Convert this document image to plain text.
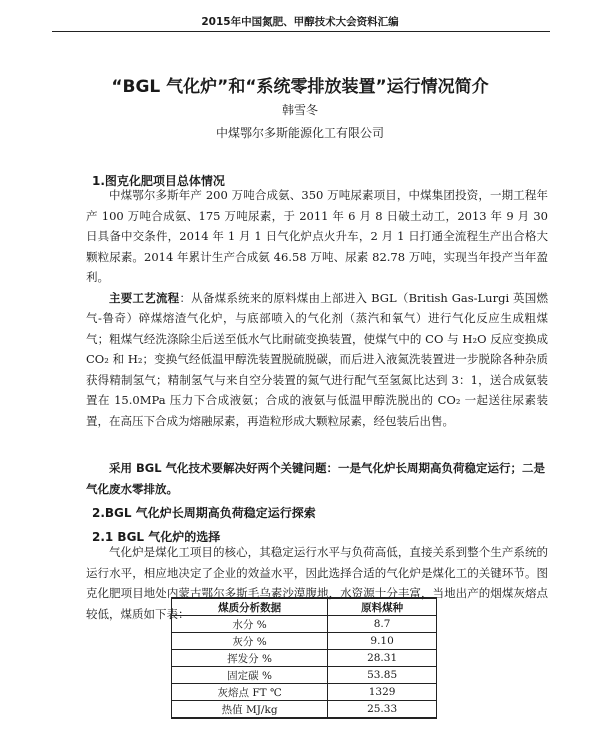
2015年中国氮肥、甲醇技术大会资料汇编
“BGL 气化炉”和“系统零排放装置”运行情况简介
韩雪冬
中煤鄂尔多斯能源化工有限公司
1.图克化肥项目总体情况

中煤鄂尔多斯年产 200 万吨合成氨、350 万吨尿素项目，中煤集团投资，一期工程年产 100 万吨合成氨、175 万吨尿素，于 2011 年 6 月 8 日破土动工，2013 年 9 月 30 日具备中交条件，2014 年 1 月 1 日气化炉点火升车，2 月 1 日打通全流程生产出合格大颗粒尿素。2014 年累计生产合成氨 46.58 万吨、尿素 82.78 万吨，实现当年投产当年盈利。

主要工艺流程：从备煤系统来的原料煤由上部进入 BGL（British Gas-Lurgi 英国燃气-鲁奇）碎煤熔渣气化炉，与底部喷入的气化剂（蒸汽和氧气）进行气化反应生成粗煤气；粗煤气经洗涤除尘后送至低水气比耐硫变换装置，使煤气中的 CO 与 H₂O 反应变换成 CO₂ 和 H₂；变换气经低温甲醇洗装置脱硫脱碳，而后进入液氮洗装置进一步脱除各种杂质获得精制氢气；精制氢气与来自空分装置的氮气进行配气至氢氮比达到 3：1，送合成氨装置在 15.0MPa 压力下合成液氨；合成的液氨与低温甲醇洗脱出的 CO₂ 一起送往尿素装置，在高压下合成为熔融尿素，再造粒形成大颗粒尿素，经包装后出售。

采用 BGL 气化技术要解决好两个关键问题：一是气化炉长周期高负荷稳定运行；二是气化废水零排放。

2.BGL 气化炉长周期高负荷稳定运行探索
2.1 BGL 气化炉的选择

气化炉是煤化工项目的核心，其稳定运行水平与负荷高低，直接关系到整个生产系统的运行水平，相应地决定了企业的效益水平，因此选择合适的气化炉是煤化工的关键环节。图克化肥项目地处内蒙古鄂尔多斯毛乌素沙漠腹地，水资源十分丰富，当地出产的烟煤灰熔点较低，煤质如下表：	煤质分析数据	原料煤种
水分 %	8.7
灰分 %	9.10
挥发分 %	28.31
固定碳 %	53.85
灰熔点 FT ℃	1329
热值 MJ/kg	25.33
